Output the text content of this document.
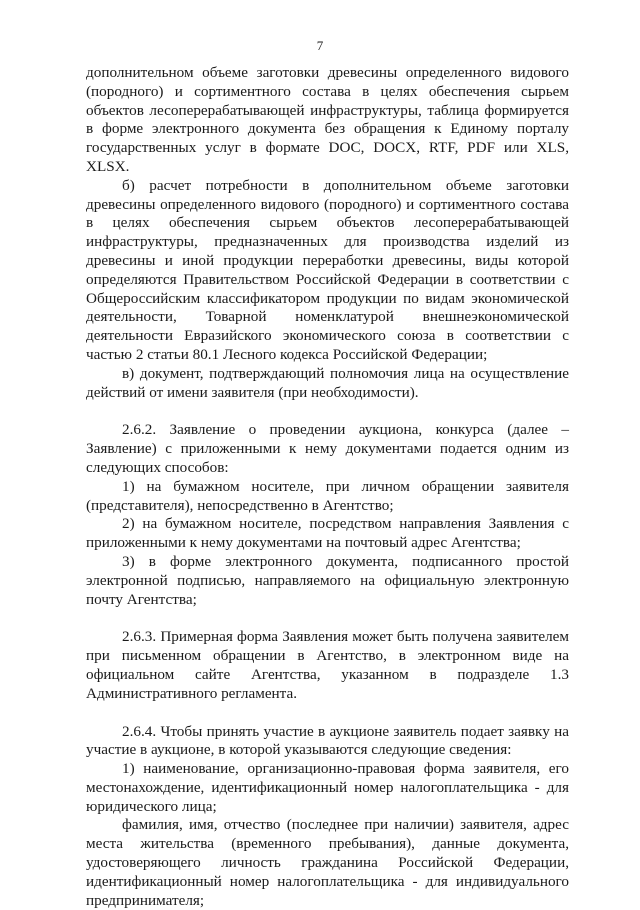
7

дополнительном объеме заготовки древесины определенного видового (породного) и сортиментного состава в целях обеспечения сырьем объектов лесоперерабатывающей инфраструктуры, таблица формируется в форме электронного документа без обращения к Единому порталу государственных услуг в формате DOC, DOCX, RTF, PDF или XLS, XLSX.

б) расчет потребности в дополнительном объеме заготовки древесины определенного видового (породного) и сортиментного состава в целях обеспечения сырьем объектов лесоперерабатывающей инфраструктуры, предназначенных для производства изделий из древесины и иной продукции переработки древесины, виды которой определяются Правительством Российской Федерации в соответствии с Общероссийским классификатором продукции по видам экономической деятельности, Товарной номенклатурой внешнеэкономической деятельности Евразийского экономического союза в соответствии с частью 2 статьи 80.1 Лесного кодекса Российской Федерации;

в) документ, подтверждающий полномочия лица на осуществление действий от имени заявителя (при необходимости).

2.6.2. Заявление о проведении аукциона, конкурса (далее – Заявление) с приложенными к нему документами подается одним из следующих способов:

1) на бумажном носителе, при личном обращении заявителя (представителя), непосредственно в Агентство;

2) на бумажном носителе, посредством направления Заявления с приложенными к нему документами на почтовый адрес Агентства;

3) в форме электронного документа, подписанного простой электронной подписью, направляемого на официальную электронную почту Агентства;

2.6.3. Примерная форма Заявления может быть получена заявителем при письменном обращении в Агентство, в электронном виде на официальном сайте Агентства, указанном в подразделе 1.3 Административного регламента.

2.6.4. Чтобы принять участие в аукционе заявитель подает заявку на участие в аукционе, в которой указываются следующие сведения:

1) наименование, организационно-правовая форма заявителя, его местонахождение, идентификационный номер налогоплательщика - для юридического лица;

фамилия, имя, отчество (последнее при наличии) заявителя, адрес места жительства (временного пребывания), данные документа, удостоверяющего личность гражданина Российской Федерации, идентификационный номер налогоплательщика - для индивидуального предпринимателя;
